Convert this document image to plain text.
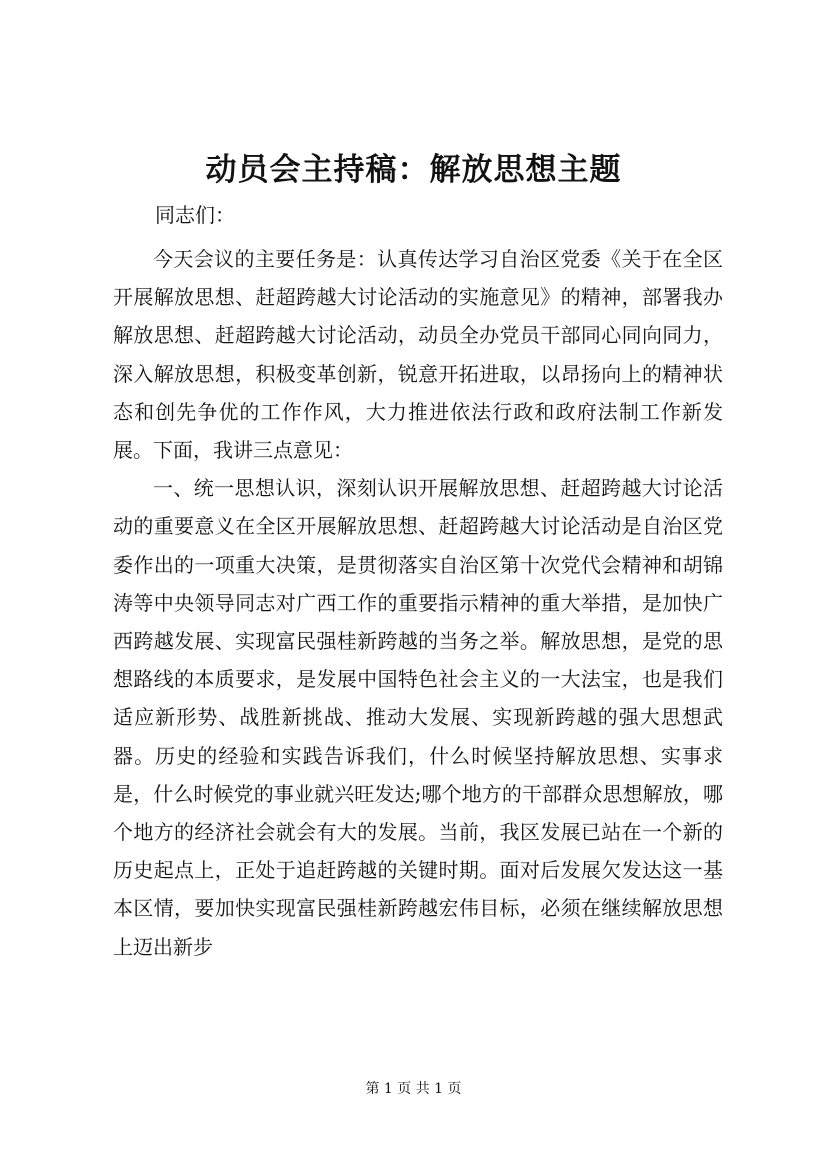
动员会主持稿：解放思想主题
同志们：

今天会议的主要任务是：认真传达学习自治区党委《关于在全区开展解放思想、赶超跨越大讨论活动的实施意见》的精神，部署我办解放思想、赶超跨越大讨论活动，动员全办党员干部同心同向同力，深入解放思想，积极变革创新，锐意开拓进取，以昂扬向上的精神状态和创先争优的工作作风，大力推进依法行政和政府法制工作新发展。下面，我讲三点意见：

一、统一思想认识，深刻认识开展解放思想、赶超跨越大讨论活动的重要意义在全区开展解放思想、赶超跨越大讨论活动是自治区党委作出的一项重大决策，是贯彻落实自治区第十次党代会精神和胡锦涛等中央领导同志对广西工作的重要指示精神的重大举措，是加快广西跨越发展、实现富民强桂新跨越的当务之举。解放思想，是党的思想路线的本质要求，是发展中国特色社会主义的一大法宝，也是我们适应新形势、战胜新挑战、推动大发展、实现新跨越的强大思想武器。历史的经验和实践告诉我们，什么时候坚持解放思想、实事求是，什么时候党的事业就兴旺发达;哪个地方的干部群众思想解放，哪个地方的经济社会就会有大的发展。当前，我区发展已站在一个新的历史起点上，正处于追赶跨越的关键时期。面对后发展欠发达这一基本区情，要加快实现富民强桂新跨越宏伟目标，必须在继续解放思想上迈出新步

第 1 页 共 1 页
